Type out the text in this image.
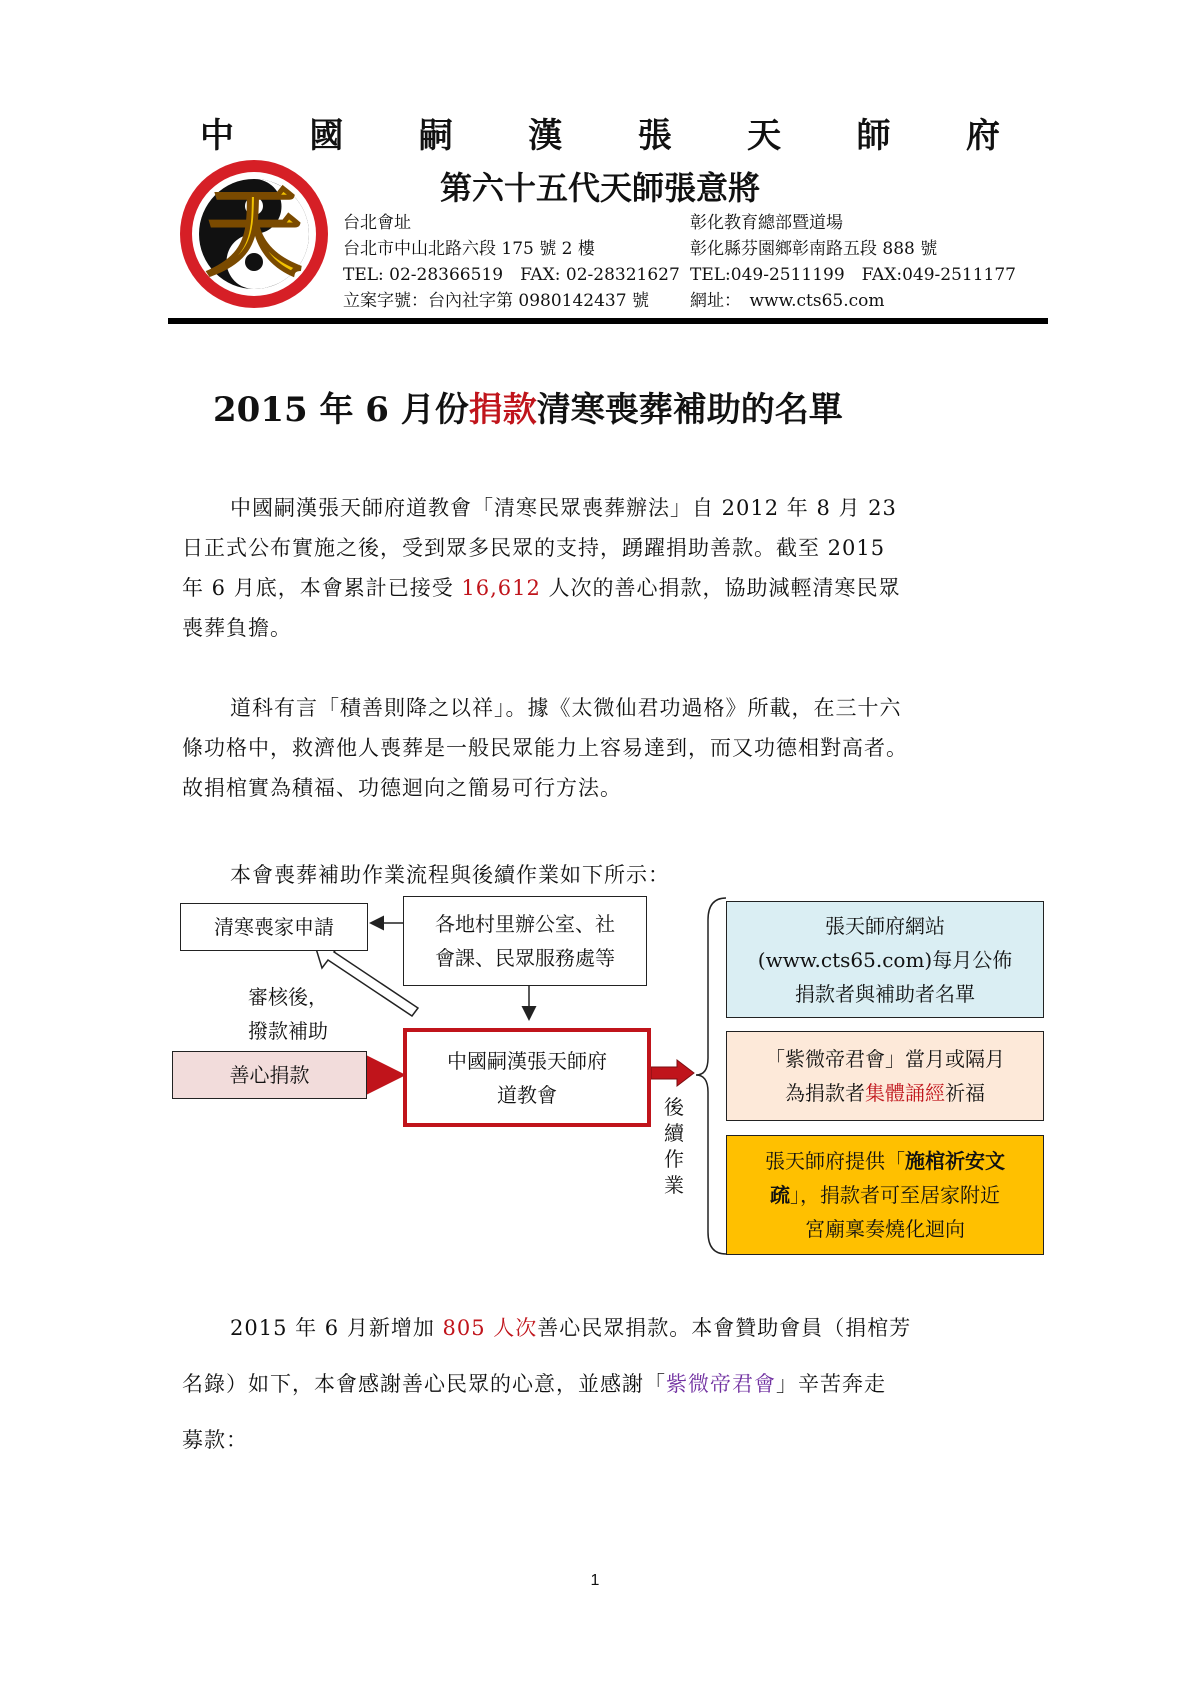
天
中 國 嗣 漢 張 天 師 府
第六十五代天師張意將
台北會址
台北市中山北路六段 175 號 2 樓
TEL: 02-28366519　FAX: 02-28321627
立案字號：台內社字第 0980142437 號
彰化教育總部暨道場
彰化縣芬園鄉彰南路五段 888 號
TEL:049-2511199　FAX:049-2511177
網址：　www.cts65.com
2015 年 6 月份捐款清寒喪葬補助的名單
中國嗣漢張天師府道教會「清寒民眾喪葬辦法」自 2012 年 8 月 23
日正式公布實施之後，受到眾多民眾的支持，踴躍捐助善款。截至 2015
年 6 月底，本會累計已接受 16,612 人次的善心捐款，協助減輕清寒民眾
喪葬負擔。
道科有言「積善則降之以祥」。據《太微仙君功過格》所載，在三十六
條功格中，救濟他人喪葬是一般民眾能力上容易達到，而又功德相對高者。
故捐棺實為積福、功德迴向之簡易可行方法。
本會喪葬補助作業流程與後續作業如下所示：
清寒喪家申請	各地村里辦公室、社
會課、民眾服務處等
審核後，
撥款補助
善心捐款
中國嗣漢張天師府
道教會
後
續
作
業
張天師府網站
(www.cts65.com)每月公佈
捐款者與補助者名單
「紫微帝君會」當月或隔月
為捐款者集體誦經祈福
張天師府提供「施棺祈安文
疏」，捐款者可至居家附近
宮廟稟奏燒化迴向
2015 年 6 月新增加 805 人次善心民眾捐款。本會贊助會員（捐棺芳
名錄）如下，本會感謝善心民眾的心意，並感謝「紫微帝君會」辛苦奔走
募款：
1
